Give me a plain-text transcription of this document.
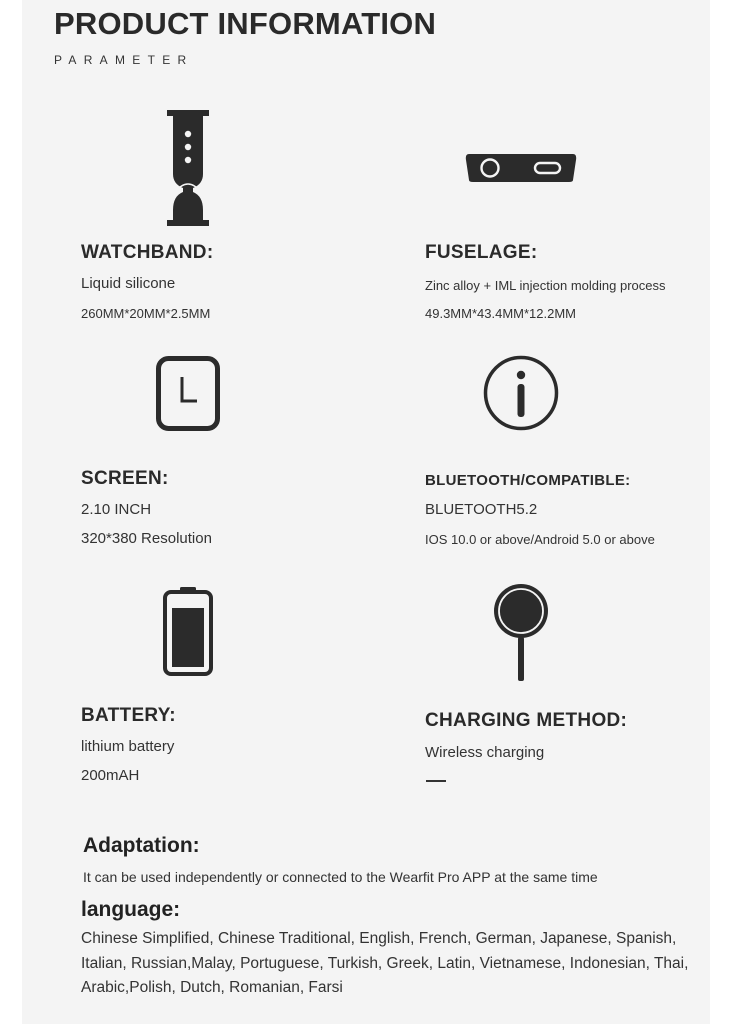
PRODUCT INFORMATION
PARAMETER
WATCHBAND:
Liquid silicone
260MM*20MM*2.5MM
FUSELAGE:
Zinc alloy + IML injection molding process
49.3MM*43.4MM*12.2MM
SCREEN:
2.10 INCH
320*380 Resolution
BLUETOOTH/COMPATIBLE:
BLUETOOTH5.2
IOS 10.0 or above/Android 5.0 or above
BATTERY:
lithium battery
200mAH
CHARGING METHOD:
Wireless charging
Adaptation:
It can be used independently or connected to the Wearfit Pro APP at the same time
language:
Chinese Simplified, Chinese Traditional, English, French, German, Japanese, Spanish, Italian, Russian,Malay, Portuguese, Turkish, Greek, Latin, Vietnamese, Indonesian, Thai, Arabic,Polish, Dutch, Romanian, Farsi
